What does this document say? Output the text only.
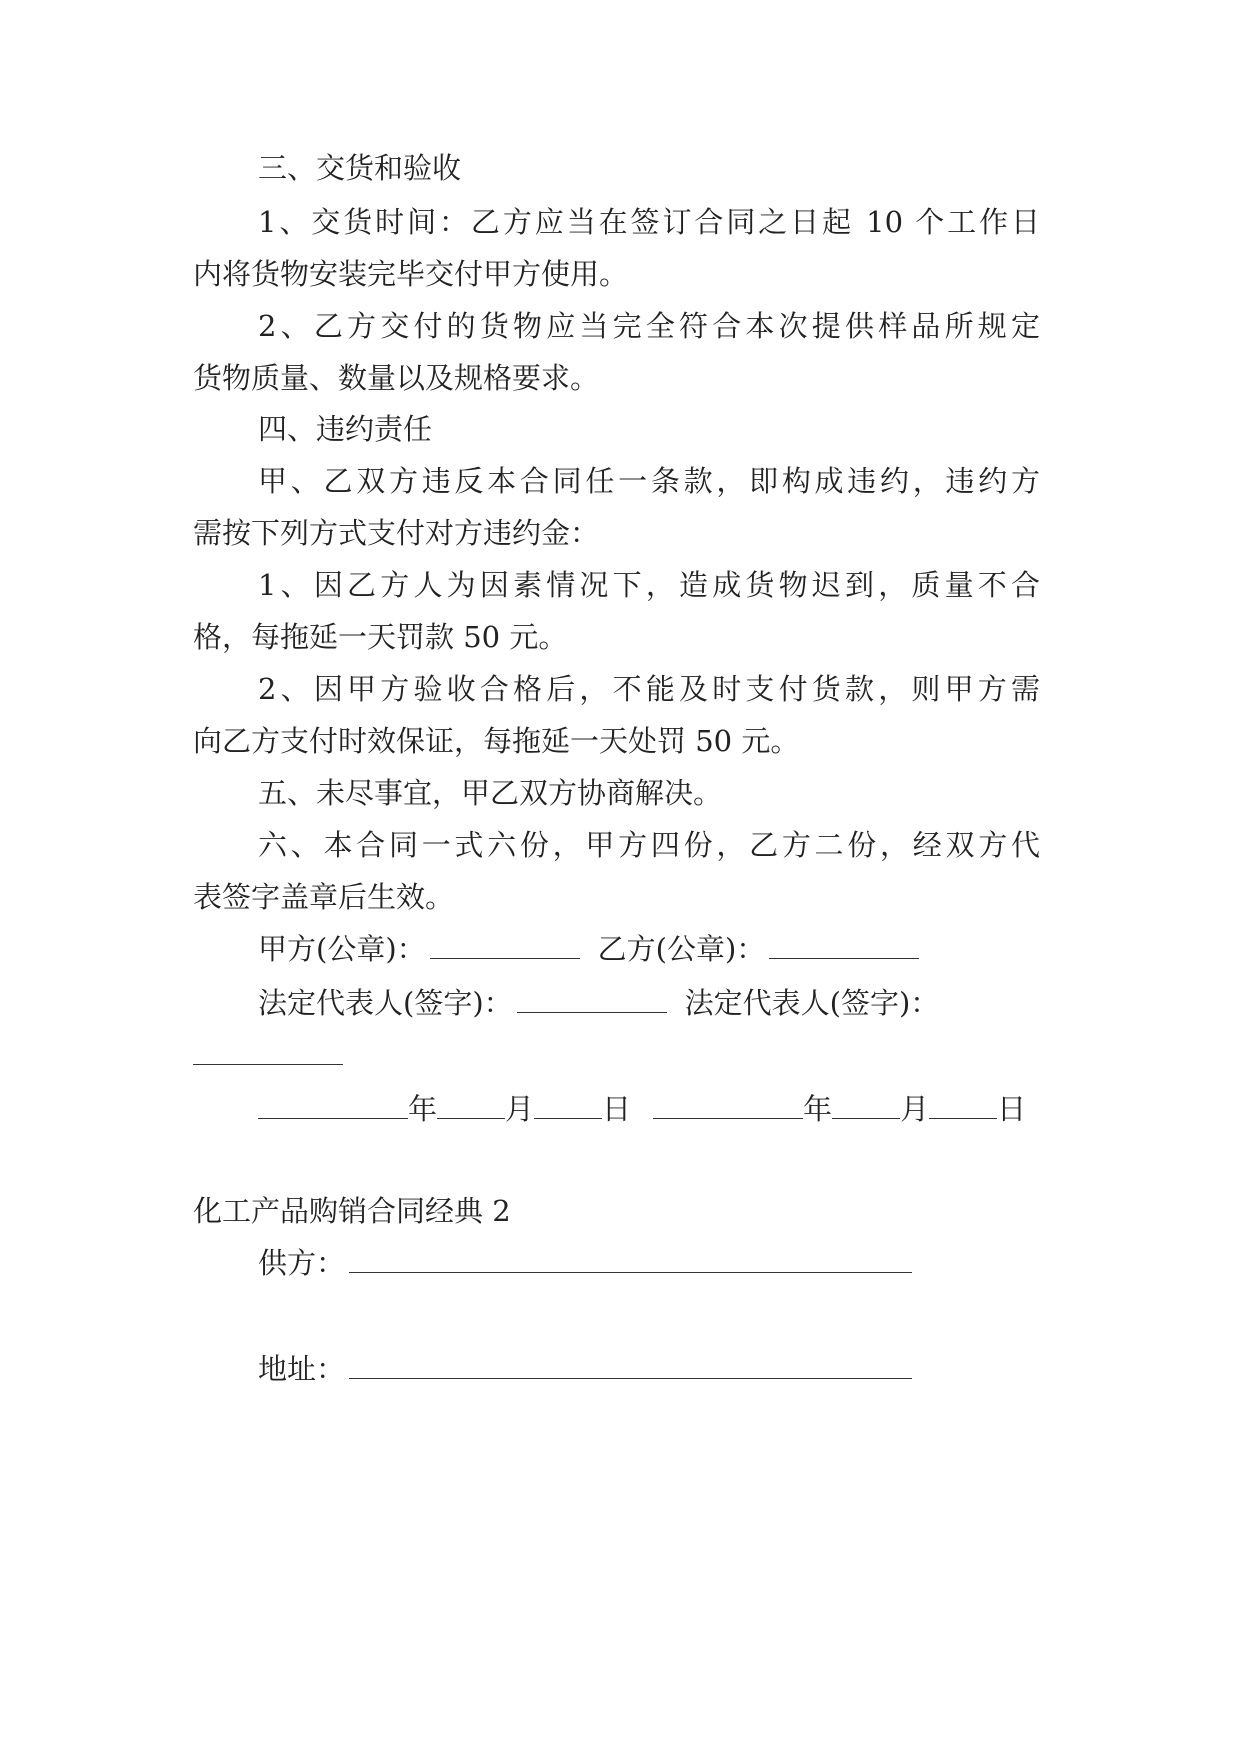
三、交货和验收

1、交货时间：乙方应当在签订合同之日起 10 个工作日

内将货物安装完毕交付甲方使用。

2、乙方交付的货物应当完全符合本次提供样品所规定

货物质量、数量以及规格要求。

四、违约责任

甲、乙双方违反本合同任一条款，即构成违约，违约方

需按下列方式支付对方违约金：

1、因乙方人为因素情况下，造成货物迟到，质量不合

格，每拖延一天罚款 50 元。

2、因甲方验收合格后，不能及时支付货款，则甲方需

向乙方支付时效保证，每拖延一天处罚 50 元。

五、未尽事宜，甲乙双方协商解决。

六、本合同一式六份，甲方四份，乙方二份，经双方代

表签字盖章后生效。

甲方(公章)：	乙方(公章)：
法定代表人(签字)：	法定代表人(签字)：
年 月 日	年 月 日

化工产品购销合同经典 2

供方：
地址：
